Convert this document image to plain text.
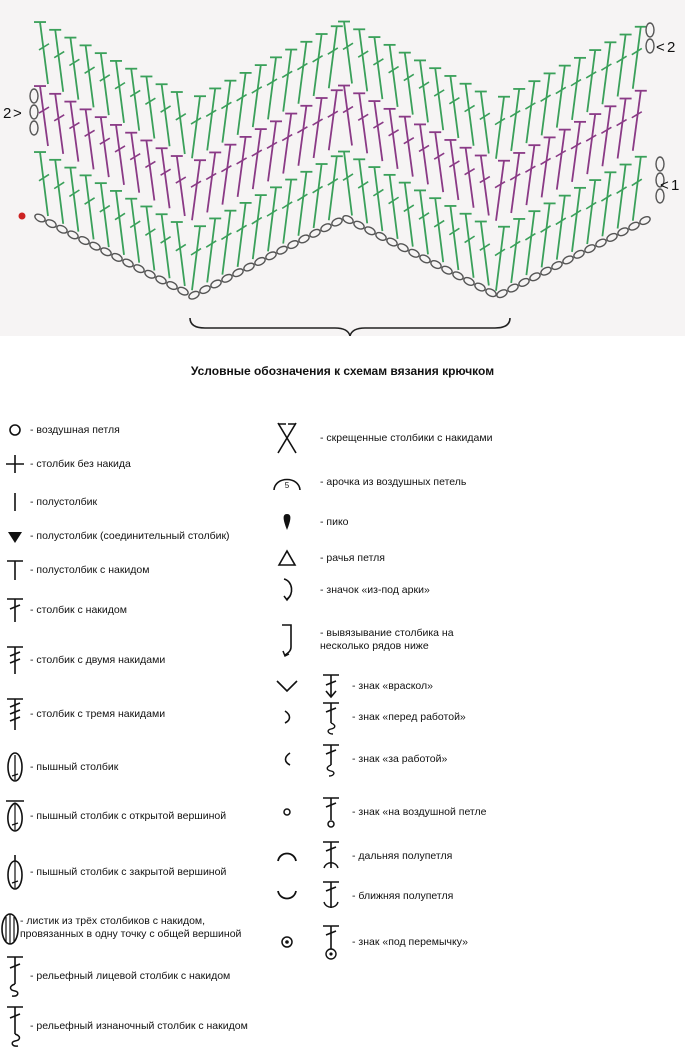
< 2
2 >
< 1
Условные обозначения к схемам вязания крючком
- воздушная петля
- столбик без накида
- полустолбик
- полустолбик (соединительный столбик)
- полустолбик с накидом
- столбик с накидом
- столбик с двумя накидами
- столбик с тремя накидами
- пышный столбик
- пышный столбик с открытой вершиной
- пышный столбик с закрытой вершиной
- листик из трёх столбиков с накидом,
провязанных в одну точку с общей вершиной
- рельефный лицевой столбик с накидом
- рельефный изнаночный столбик с накидом
- скрещенные столбики с накидами
5	- арочка из воздушных петель
- пико
- рачья петля
- значок «из-под арки»
- вывязывание столбика на
несколько рядов ниже
- знак «враскол»
- знак «перед работой»
- знак «за работой»
- знак «на воздушной петле
- дальняя полупетля
- ближняя полупетля
- знак «под перемычку»
